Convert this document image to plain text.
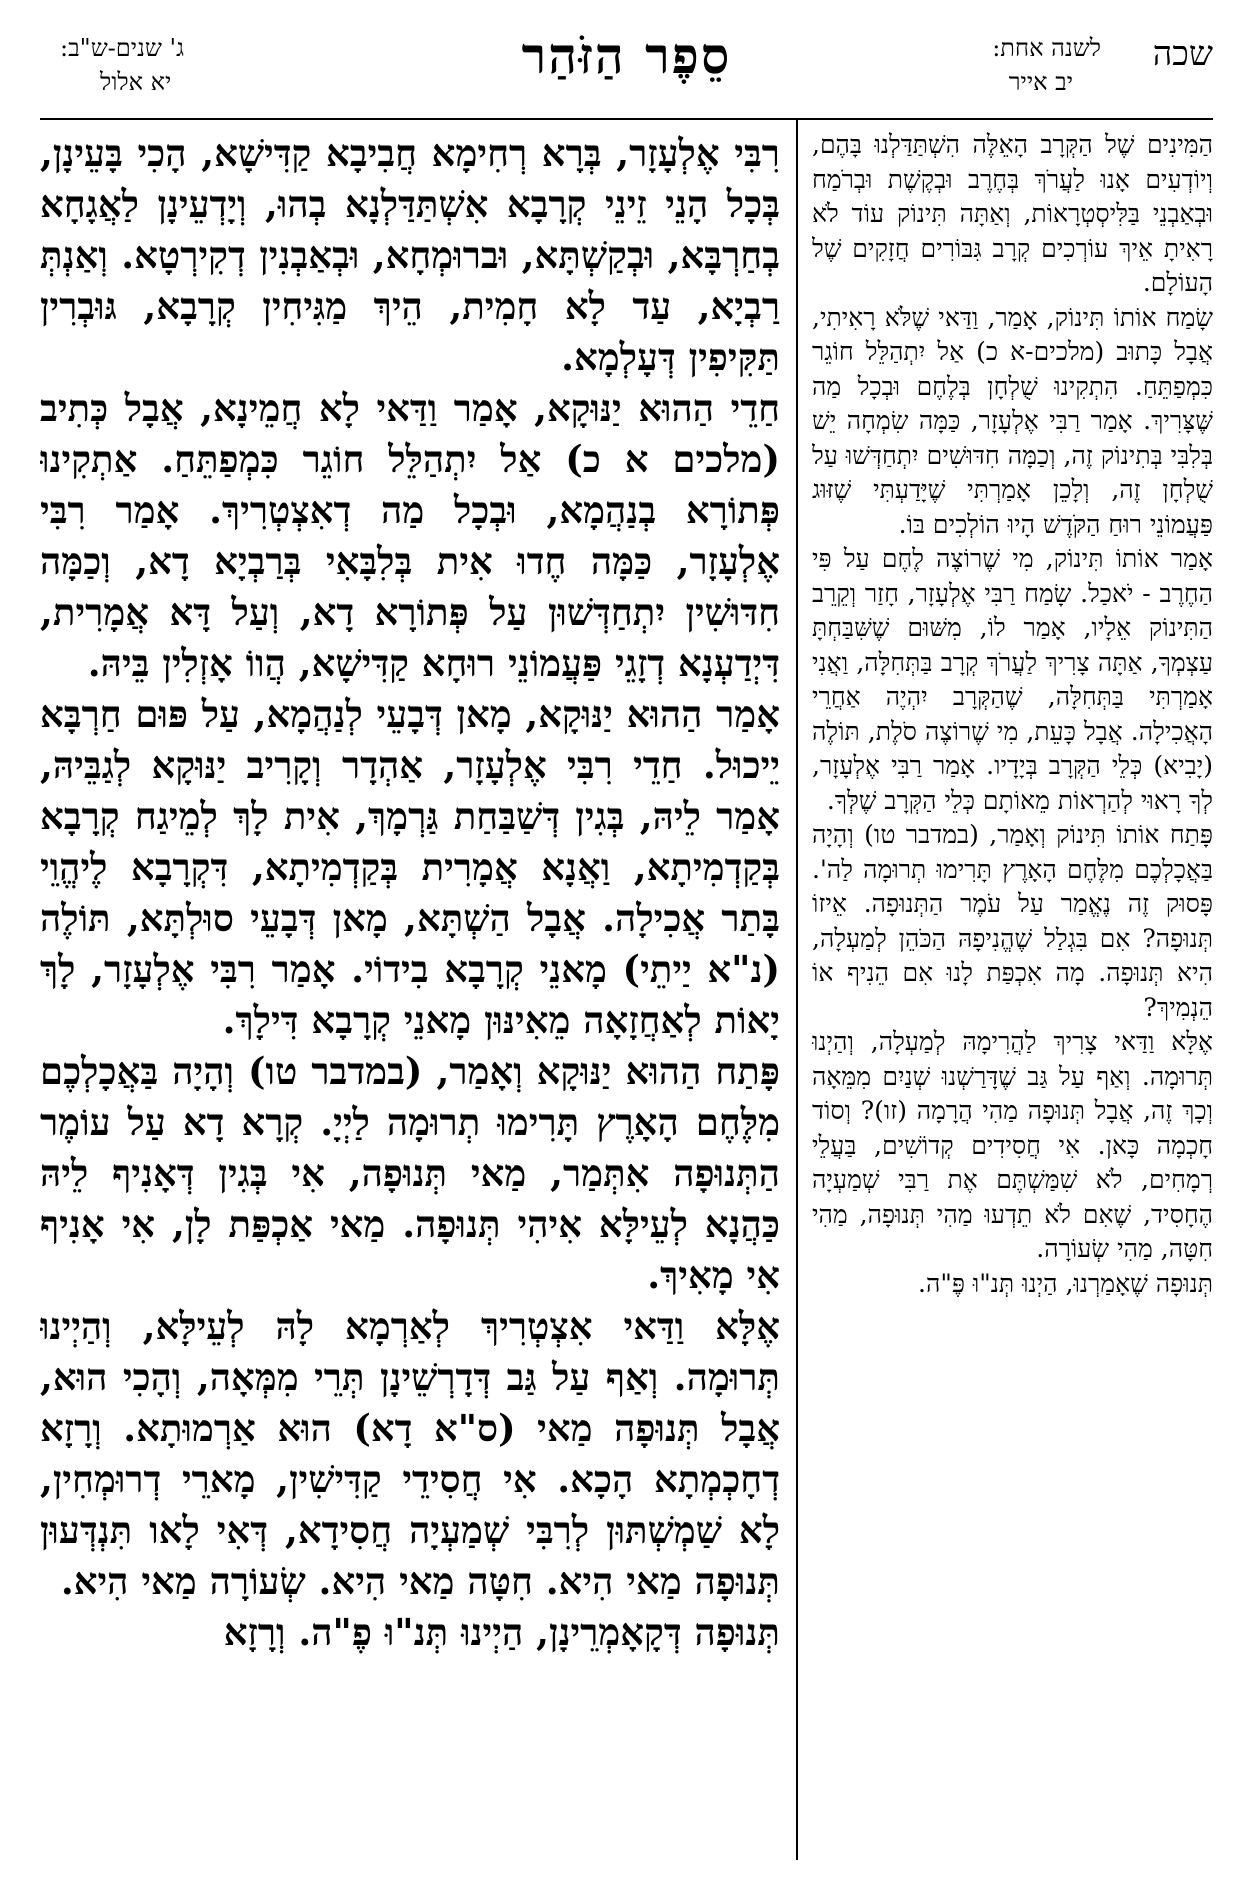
שכה
לשנה אחת:
יב אייר
סֵפֶר הַזֹּהַר
ג' שנים-ש"ב:
יא אלול

רִבִּי אֶלְעָזָר, בְּרָא רְחִימָא חֲבִיבָא קַדִּישָׁא, הָכִי בָּעֵינָן, בְּכָל הָנֵי זֵינֵי קְרָבָא אִשְׁתַּדַּלְנָא בְהוּ, וְיָדְעֵינָן לַאֲגָחָא בְחַרְבָּא, וּבְקַשְׁתָּא, וּברוּמְחָא, וּבְאַבְנִין דְקִירְטָא. וְאַנְתְּ רַבְיָא, עַד לָא חָמִית, הֵיךְ מַגִּיחִין קְרָבָא, גּוּבְרִין תַּקִּיפִין דְּעָלְמָא.

חַדֵי הַהוּא יַנּוּקָא, אָמַר וַדַּאי לָא חֲמֵינָא, אֲבָל כְּתִיב (מלכים א כ) אַל יִתְהַלֵּל חוֹגֵר כִּמְפַתֵּחַ. אַתְקִינוּ פְּתוֹרָא בְנַהֲמָא, וּבְכָל מַה דְאִצְטְרִיךְ. אָמַר רִבִּי אֶלְעָזָר, כַּמָּה חֶדוּ אִית בְּלִבָּאִי בְּרַבְיָא דָא, וְכַמָּה חִדּוּשִׁין יִתְחַדְּשׁוּן עַל פְּתוֹרָא דָא, וְעַל דָּא אֲמָרִית, דִּיְדַעְנָא דְזָגֵי פַּעֲמוֹנֵי רוּחָא קַדִּישָׁא, הֲווֹ אָזְלִין בֵּיהּ.

אָמַר הַהוּא יַנּוּקָא, מָאן דְּבָעֵי לְנַהֲמָא, עַל פּוּם חַרְבָּא יֵיכוּל. חַדֵי רִבִּי אֶלְעָזָר, אַהְדָר וְקָרִיב יַנּוּקָא לְגַבֵּיהּ, אָמַר לֵיהּ, בְּגִין דְּשַׁבַּחַת גַּרְמָךְ, אִית לָךְ לְמֵיגַח קְרָבָא בְּקַדְמִיתָא, וַאֲנָא אֲמָרִית בְּקַדְמִיתָא, דִּקְרָבָא לֶיהֱוֵי בָּתַר אֲכִילָה. אֲבָל הַשְׁתָּא, מָאן דְּבָעֵי סוּלְתָּא, תּוֹלֶה (נ"א יַיתֵי) מָאנֵי קְרָבָא בִידוֹי. אָמַר רִבִּי אֶלְעָזָר, לָךְ יָאוֹת לְאַחֲזָאָה מֵאִינּוּן מָאנֵי קְרָבָא דִּילָךְ.

פָּתַח הַהוּא יַנּוּקָא וְאָמַר, (במדבר טו) וְהָיָה בַּאֲכָלְכֶם מִלֶּחֶם הָאָרֶץ תָּרִימוּ תְרוּמָה לַיְיָ. קְרָא דָא עַל עוֹמֶר הַתְּנוּפָה אִתְּמַר, מַאי תְּנוּפָה, אִי בְּגִין דְּאָנִיף לֵיהּ כַּהֲנָא לְעֵילָּא אִיהִי תְּנוּפָה. מַאי אַכְפַּת לָן, אִי אָנִיף אִי מָאִיךְ.

אֶלָּא וַדַּאי אִצְטְרִיךְ לְאַרְמָא לָהּ לְעֵילָּא, וְהַיְינוּ תְּרוּמָה. וְאַף עַל גַּב דְּדָרְשֵׁינָן תְּרֵי מִמְּאָה, וְהָכִי הוּא, אֲבָל תְּנוּפָה מַאי (ס"א דָא) הוּא אַרְמוּתָא. וְרָזָא דְחָכְמְתָא הָכָא. אִי חֲסִידֵי קַדִּישִׁין, מָארֵי דְרוּמְחִין, לָא שַׁמְשְׁתּוּן לְרִבִּי שְׁמַעְיָה חֲסִידָא, דְּאִי לָאו תִּנְדְּעוּן תְּנוּפָה מַאי הִיא. חִטָּה מַאי הִיא. שְׂעוֹרָה מַאי הִיא.

תְּנוּפָה דְּקָאָמְרֵינָן, הַיְינוּ תְּנ"וּ פֶ"ה. וְרָזָא

הַמִּינִים שֶׁל הַקְּרָב הָאֵלֶּה הִשְׁתַּדַּלְנוּ בָּהֶם, וְיוֹדְעִים אָנוּ לַעֲרֹךְ בְּחֶרֶב וּבְקֶשֶׁת וּבְרֹמַח וּבְאַבְנֵי בַּלִּיסְטְרָאוֹת, וְאַתָּה תִּינוֹק עוֹד לֹא רָאִיתָ אֵיךְ עוֹרְכִים קְרָב גִּבּוֹרִים חֲזָקִים שֶׁל הָעוֹלָם.

שָׂמַח אוֹתוֹ תִּינוֹק, אָמַר, וַדַּאי שֶׁלֹּא רָאִיתִי, אֲבָל כָּתוּב (מלכים-א כ) אַל יִתְהַלֵּל חוֹגֵר כִּמְפַתֵּחַ. הִתְקִינוּ שֻׁלְחָן בְּלֶחֶם וּבְכָל מַה שֶּׁצָּרִיךְ. אָמַר רַבִּי אֶלְעָזָר, כַּמָּה שִׂמְחָה יֵשׁ בְּלִבִּי בְּתִינוֹק זֶה, וְכַמָּה חִדּוּשִׁים יִתְחַדְּשׁוּ עַל שֻׁלְחָן זֶה, וְלָכֵן אָמַרְתִּי שֶׁיָּדַעְתִּי שֶׁזּוּג פַּעֲמוֹנֵי רוּחַ הַקֹּדֶשׁ הָיוּ הוֹלְכִים בּוֹ.

אָמַר אוֹתוֹ תִּינוֹק, מִי שֶׁרוֹצֶה לֶחֶם עַל פִּי הַחֶרֶב - יֹאכַל. שָׂמַח רַבִּי אֶלְעָזָר, חָזַר וְקֵרֵב הַתִּינוֹק אֵלָיו, אָמַר לוֹ, מִשּׁוּם שֶׁשִּׁבַּחְתָּ עַצְמְךָ, אַתָּה צָרִיךְ לַעֲרֹךְ קְרָב בַּתְּחִלָּה, וַאֲנִי אָמַרְתִּי בַּתְּחִלָּה, שֶׁהַקְּרָב יִהְיֶה אַחֲרֵי הָאֲכִילָה. אֲבָל כָּעֵת, מִי שֶׁרוֹצֶה סֹלֶת, תּוֹלֶה (יָבִיא) כְּלֵי הַקְּרָב בְּיָדָיו. אָמַר רַבִּי אֶלְעָזָר, לְךָ רָאוּי לְהַרְאוֹת מֵאוֹתָם כְּלֵי הַקְּרָב שֶׁלְּךָ.

פָּתַח אוֹתוֹ תִּינוֹק וְאָמַר, (במדבר טו) וְהָיָה בַּאֲכָלְכֶם מִלֶּחֶם הָאָרֶץ תָּרִימוּ תְרוּמָה לַה'. פָּסוּק זֶה נֶאֱמַר עַל עֹמֶר הַתְּנוּפָה. אֵיזוֹ תְּנוּפָה? אִם בִּגְלַל שֶׁהֱנִיפָהּ הַכֹּהֵן לְמַעְלָה, הִיא תְּנוּפָה. מָה אִכְפַּת לָנוּ אִם הֵנִיף אוֹ הֵנְמִיךְ?

אֶלָּא וַדַּאי צָרִיךְ לַהֲרִימָהּ לְמַעְלָה, וְהַיְנוּ תְּרוּמָה. וְאַף עַל גַּב שֶׁדָּרַשְׁנוּ שְׁנַיִם מִמֵּאָה וְכָךְ זֶה, אֲבָל תְּנוּפָה מַהִי הֲרָמָה (זו)? וְסוֹד חָכְמָה כָּאן. אִי חֲסִידִים קְדוֹשִׁים, בַּעֲלֵי רְמָחִים, לֹא שִׁמַּשְׁתֶּם אֶת רַבִּי שְׁמַעְיָה הֶחָסִיד, שֶׁאִם לֹא תֵדְעוּ מַהִי תְּנוּפָה, מַהִי חִטָּה, מַהִי שְׂעוֹרָה.

תְּנוּפָה שֶׁאָמַרְנוּ, הַיְנוּ תְּנ"וּ פֶּ"ה.
